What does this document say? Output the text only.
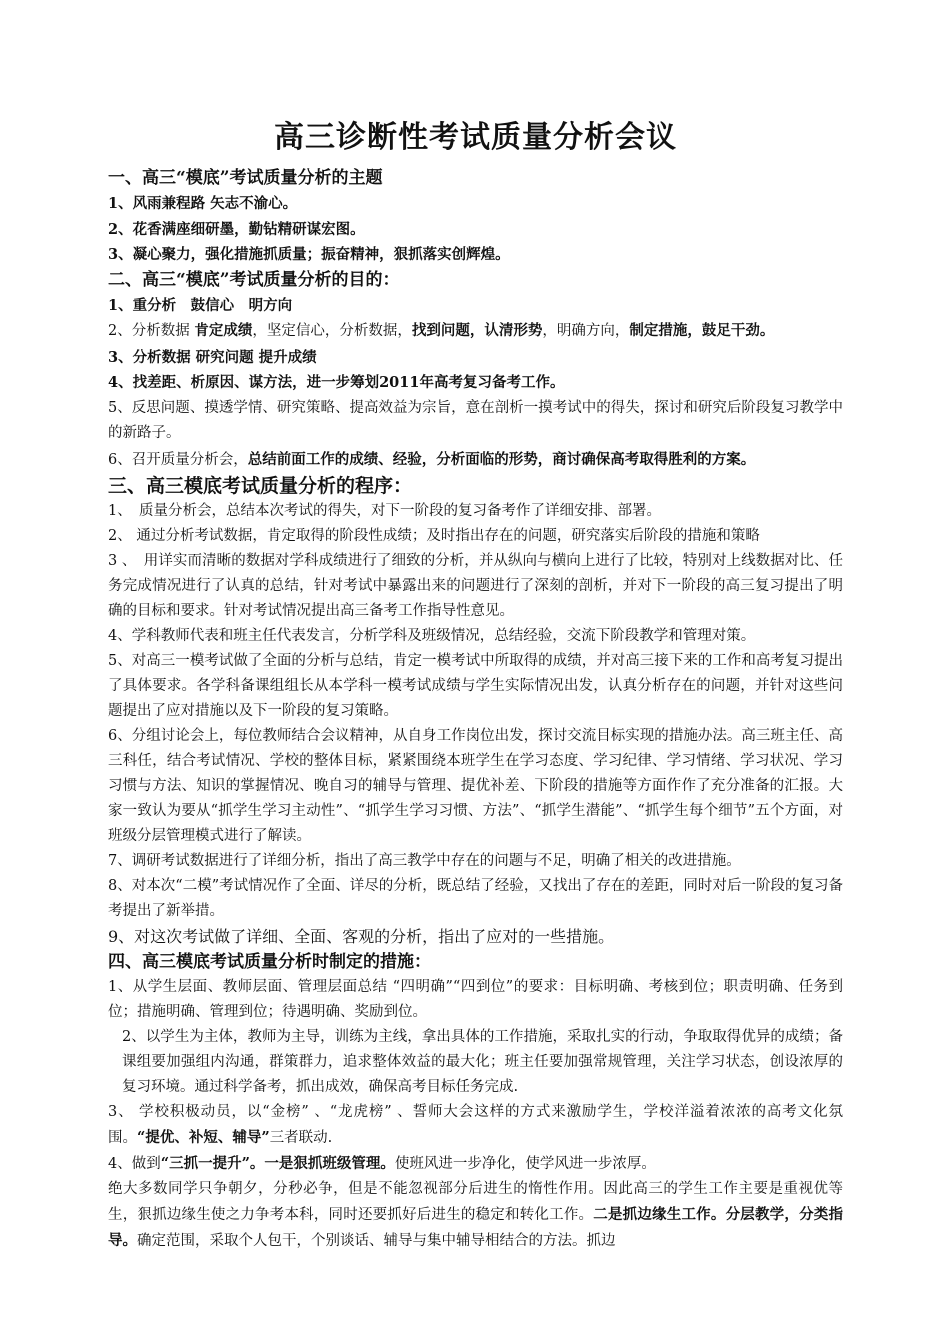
高三诊断性考试质量分析会议
一、高三“模底”考试质量分析的主题
1、风雨兼程路 矢志不渝心。
2、花香满座细研墨，勤钻精研谋宏图。
3、凝心聚力，强化措施抓质量；振奋精神，狠抓落实创辉煌。
二、高三“模底”考试质量分析的目的：
1、重分析　鼓信心　明方向
2、分析数据 肯定成绩，坚定信心，分析数据，找到问题，认清形势，明确方向，制定措施，鼓足干劲。
3、分析数据 研究问题 提升成绩
4、找差距、析原因、谋方法，进一步筹划2011年高考复习备考工作。
5、反思问题、摸透学情、研究策略、提高效益为宗旨，意在剖析一摸考试中的得失，探讨和研究后阶段复习教学中的新路子。
6、召开质量分析会，总结前面工作的成绩、经验，分析面临的形势，商讨确保高考取得胜利的方案。
三、高三模底考试质量分析的程序：
1、　质量分析会，总结本次考试的得失，对下一阶段的复习备考作了详细安排、部署。
2、 通过分析考试数据，肯定取得的阶段性成绩；及时指出存在的问题，研究落实后阶段的措施和策略
3 、　用详实而清晰的数据对学科成绩进行了细致的分析，并从纵向与横向上进行了比较，特别对上线数据对比、任务完成情况进行了认真的总结，针对考试中暴露出来的问题进行了深刻的剖析，并对下一阶段的高三复习提出了明确的目标和要求。针对考试情况提出高三备考工作指导性意见。
4、学科教师代表和班主任代表发言，分析学科及班级情况，总结经验，交流下阶段教学和管理对策。
5、对高三一模考试做了全面的分析与总结，肯定一模考试中所取得的成绩，并对高三接下来的工作和高考复习提出了具体要求。各学科备课组组长从本学科一模考试成绩与学生实际情况出发，认真分析存在的问题，并针对这些问题提出了应对措施以及下一阶段的复习策略。
6、分组讨论会上，每位教师结合会议精神，从自身工作岗位出发，探讨交流目标实现的措施办法。高三班主任、高三科任，结合考试情况、学校的整体目标，紧紧围绕本班学生在学习态度、学习纪律、学习情绪、学习状况、学习习惯与方法、知识的掌握情况、晚自习的辅导与管理、提优补差、下阶段的措施等方面作作了充分准备的汇报。大家一致认为要从“抓学生学习主动性”、“抓学生学习习惯、方法”、“抓学生潜能”、“抓学生每个细节”五个方面，对班级分层管理模式进行了解读。
7、调研考试数据进行了详细分析，指出了高三教学中存在的问题与不足，明确了相关的改进措施。
8、对本次“二模”考试情况作了全面、详尽的分析，既总结了经验，又找出了存在的差距，同时对后一阶段的复习备考提出了新举措。
9、对这次考试做了详细、全面、客观的分析，指出了应对的一些措施。
四、高三模底考试质量分析时制定的措施：
1、从学生层面、教师层面、管理层面总结 “四明确”“四到位”的要求：目标明确、考核到位；职责明确、任务到位；措施明确、管理到位；待遇明确、奖励到位。
2、以学生为主体，教师为主导，训练为主线，拿出具体的工作措施，采取扎实的行动，争取取得优异的成绩；备课组要加强组内沟通，群策群力，追求整体效益的最大化；班主任要加强常规管理，关注学习状态，创设浓厚的复习环境。通过科学备考，抓出成效，确保高考目标任务完成.
3、 学校积极动员，以“金榜” 、“龙虎榜” 、誓师大会这样的方式来激励学生，学校洋溢着浓浓的高考文化氛围。“提优、补短、辅导”三者联动.
4、做到“三抓一提升”。一是狠抓班级管理。使班风进一步净化，使学风进一步浓厚。
绝大多数同学只争朝夕，分秒必争，但是不能忽视部分后进生的惰性作用。因此高三的学生工作主要是重视优等生，狠抓边缘生使之力争考本科，同时还要抓好后进生的稳定和转化工作。二是抓边缘生工作。分层教学，分类指导。确定范围，采取个人包干，个别谈话、辅导与集中辅导相结合的方法。抓边
